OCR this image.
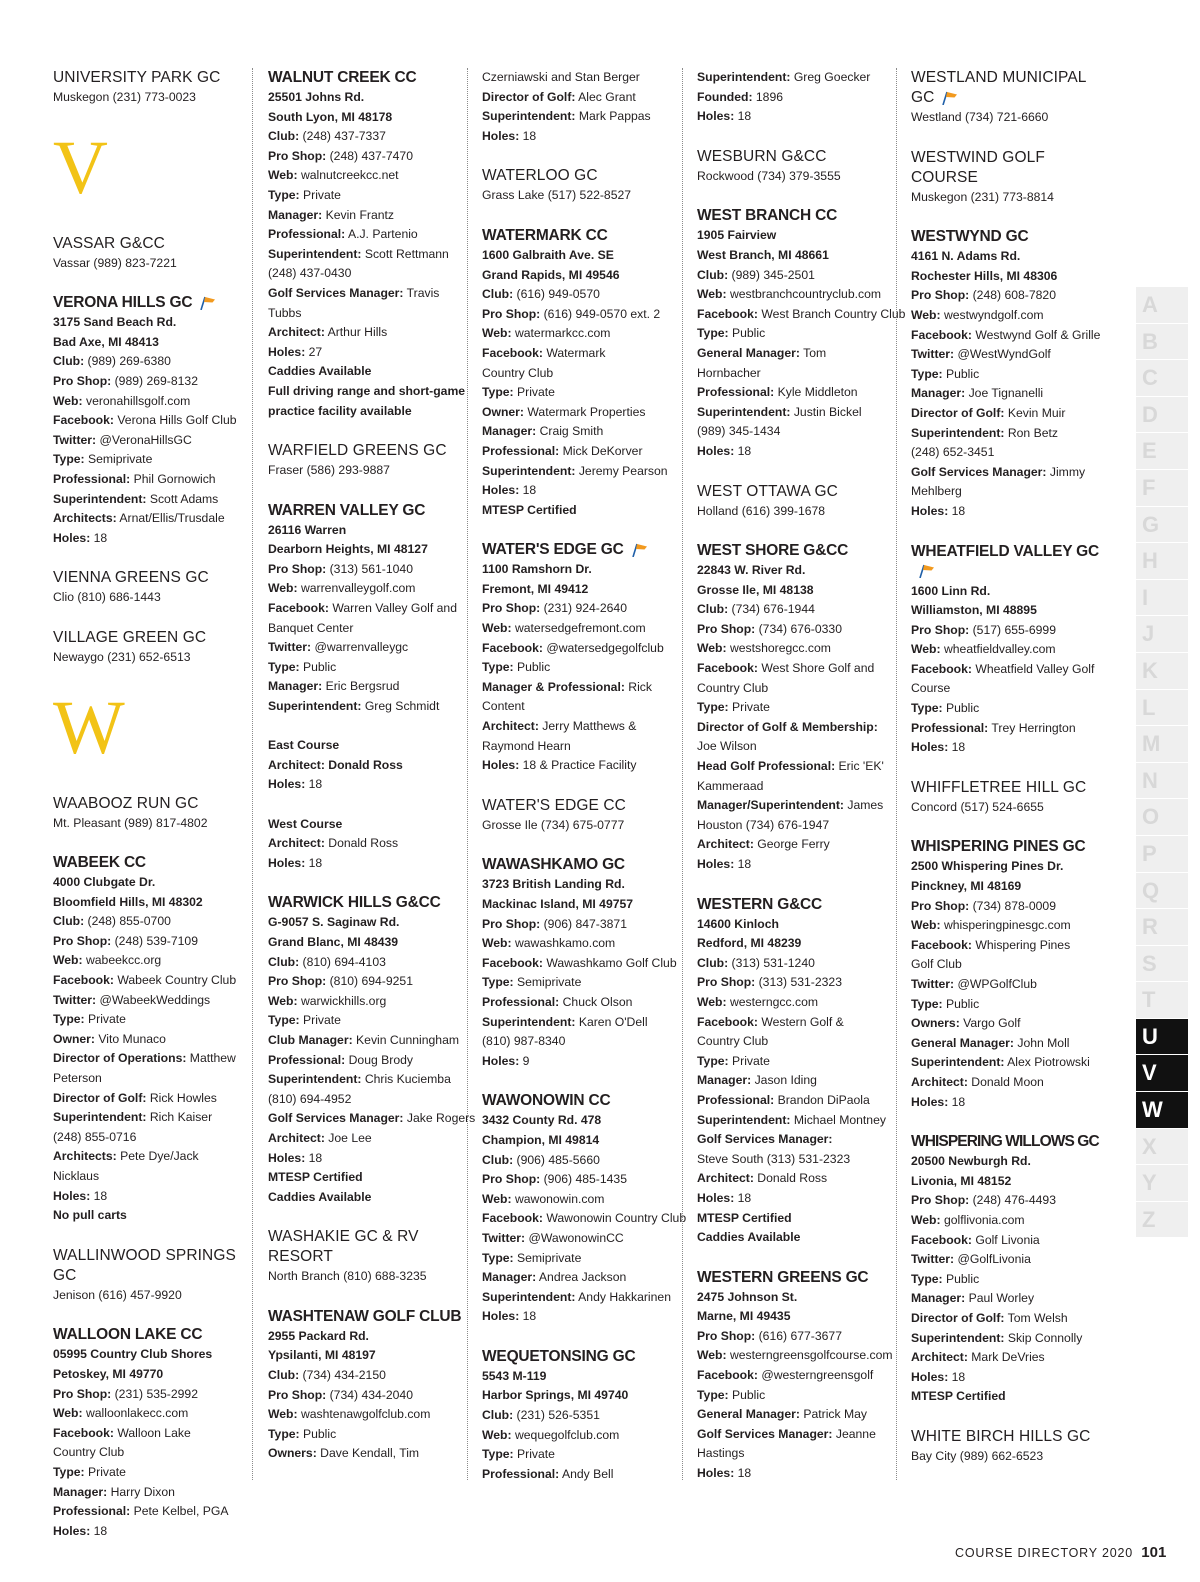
UNIVERSITY PARK GC
Muskegon (231) 773-0023
V
VASSAR G&CC
Vassar (989) 823-7221
VERONA HILLS GC
3175 Sand Beach Rd.
Bad Axe, MI 48413
Club: (989) 269-6380
Pro Shop: (989) 269-8132
Web: veronahillsgolf.com
Facebook: Verona Hills Golf Club
Twitter: @VeronaHillsGC
Type: Semiprivate
Professional: Phil Gornowich
Superintendent: Scott Adams
Architects: Arnat/Ellis/Trusdale
Holes: 18
VIENNA GREENS GC
Clio (810) 686-1443
VILLAGE GREEN GC
Newaygo (231) 652-6513
W
WAABOOZ RUN GC
Mt. Pleasant (989) 817-4802
WABEEK CC
4000 Clubgate Dr.
Bloomfield Hills, MI 48302
Club: (248) 855-0700
Pro Shop: (248) 539-7109
Web: wabeekcc.org
Facebook: Wabeek Country Club
Twitter: @WabeekWeddings
Type: Private
Owner: Vito Munaco
Director of Operations: Matthew
Peterson
Director of Golf: Rick Howles
Superintendent: Rich Kaiser
(248) 855-0716
Architects: Pete Dye/Jack
Nicklaus
Holes: 18
No pull carts
WALLINWOOD SPRINGS GC
Jenison (616) 457-9920
WALLOON LAKE CC
05995 Country Club Shores
Petoskey, MI 49770
Pro Shop: (231) 535-2992
Web: walloonlakecc.com
Facebook: Walloon Lake
Country Club
Type: Private
Manager: Harry Dixon
Professional: Pete Kelbel, PGA
Holes: 18
WALNUT CREEK CC
25501 Johns Rd.
South Lyon, MI 48178
Club: (248) 437-7337
Pro Shop: (248) 437-7470
Web: walnutcreekcc.net
Type: Private
Manager: Kevin Frantz
Professional: A.J. Partenio
Superintendent: Scott Rettmann
(248) 437-0430
Golf Services Manager: Travis
Tubbs
Architect: Arthur Hills
Holes: 27
Caddies Available
Full driving range and short-game
practice facility available
WARFIELD GREENS GC
Fraser (586) 293-9887
WARREN VALLEY GC
26116 Warren
Dearborn Heights, MI 48127
Pro Shop: (313) 561-1040
Web: warrenvalleygolf.com
Facebook: Warren Valley Golf and
Banquet Center
Twitter: @warrenvalleygc
Type: Public
Manager: Eric Bergsrud
Superintendent: Greg Schmidt
East Course
Architect: Donald Ross
Holes: 18
West Course
Architect: Donald Ross
Holes: 18
WARWICK HILLS G&CC
G-9057 S. Saginaw Rd.
Grand Blanc, MI 48439
Club: (810) 694-4103
Pro Shop: (810) 694-9251
Web: warwickhills.org
Type: Private
Club Manager: Kevin Cunningham
Professional: Doug Brody
Superintendent: Chris Kuciemba
(810) 694-4952
Golf Services Manager: Jake Rogers
Architect: Joe Lee
Holes: 18
MTESP Certified
Caddies Available
WASHAKIE GC & RV RESORT
North Branch (810) 688-3235
WASHTENAW GOLF CLUB
2955 Packard Rd.
Ypsilanti, MI 48197
Club: (734) 434-2150
Pro Shop: (734) 434-2040
Web: washtenawgolfclub.com
Type: Public
Owners: Dave Kendall, Tim
Czerniawski and Stan Berger
Director of Golf: Alec Grant
Superintendent: Mark Pappas
Holes: 18
WATERLOO GC
Grass Lake (517) 522-8527
WATERMARK CC
1600 Galbraith Ave. SE
Grand Rapids, MI 49546
Club: (616) 949-0570
Pro Shop: (616) 949-0570 ext. 2
Web: watermarkcc.com
Facebook: Watermark
Country Club
Type: Private
Owner: Watermark Properties
Manager: Craig Smith
Professional: Mick DeKorver
Superintendent: Jeremy Pearson
Holes: 18
MTESP Certified
WATER'S EDGE GC
1100 Ramshorn Dr.
Fremont, MI 49412
Pro Shop: (231) 924-2640
Web: watersedgefremont.com
Facebook: @watersedgegolfclub
Type: Public
Manager & Professional: Rick
Content
Architect: Jerry Matthews &
Raymond Hearn
Holes: 18 & Practice Facility
WATER'S EDGE CC
Grosse Ile (734) 675-0777
WAWASHKAMO GC
3723 British Landing Rd.
Mackinac Island, MI 49757
Pro Shop: (906) 847-3871
Web: wawashkamo.com
Facebook: Wawashkamo Golf Club
Type: Semiprivate
Professional: Chuck Olson
Superintendent: Karen O'Dell
(810) 987-8340
Holes: 9
WAWONOWIN CC
3432 County Rd. 478
Champion, MI 49814
Club: (906) 485-5660
Pro Shop: (906) 485-1435
Web: wawonowin.com
Facebook: Wawonowin Country Club
Twitter: @WawonowinCC
Type: Semiprivate
Manager: Andrea Jackson
Superintendent: Andy Hakkarinen
Holes: 18
WEQUETONSING GC
5543 M-119
Harbor Springs, MI 49740
Club: (231) 526-5351
Web: wequegolfclub.com
Type: Private
Professional: Andy Bell
Superintendent: Greg Goecker
Founded: 1896
Holes: 18
WESBURN G&CC
Rockwood (734) 379-3555
WEST BRANCH CC
1905 Fairview
West Branch, MI 48661
Club: (989) 345-2501
Web: westbranchcountryclub.com
Facebook: West Branch Country Club
Type: Public
General Manager: Tom
Hornbacher
Professional: Kyle Middleton
Superintendent: Justin Bickel
(989) 345-1434
Holes: 18
WEST OTTAWA GC
Holland (616) 399-1678
WEST SHORE G&CC
22843 W. River Rd.
Grosse Ile, MI 48138
Club: (734) 676-1944
Pro Shop: (734) 676-0330
Web: westshoregcc.com
Facebook: West Shore Golf and
Country Club
Type: Private
Director of Golf & Membership:
Joe Wilson
Head Golf Professional: Eric 'EK'
Kammeraad
Manager/Superintendent: James
Houston (734) 676-1947
Architect: George Ferry
Holes: 18
WESTERN G&CC
14600 Kinloch
Redford, MI 48239
Club: (313) 531-1240
Pro Shop: (313) 531-2323
Web: westerngcc.com
Facebook: Western Golf &
Country Club
Type: Private
Manager: Jason Iding
Professional: Brandon DiPaola
Superintendent: Michael Montney
Golf Services Manager:
Steve South (313) 531-2323
Architect: Donald Ross
Holes: 18
MTESP Certified
Caddies Available
WESTERN GREENS GC
2475 Johnson St.
Marne, MI 49435
Pro Shop: (616) 677-3677
Web: westerngreensgolfcourse.com
Facebook: @westerngreensgolf
Type: Public
General Manager: Patrick May
Golf Services Manager: Jeanne
Hastings
Holes: 18
WESTLAND MUNICIPAL GC
Westland (734) 721-6660
WESTWIND GOLF COURSE
Muskegon (231) 773-8814
WESTWYND GC
4161 N. Adams Rd.
Rochester Hills, MI 48306
Pro Shop: (248) 608-7820
Web: westwyndgolf.com
Facebook: Westwynd Golf & Grille
Twitter: @WestWyndGolf
Type: Public
Manager: Joe Tignanelli
Director of Golf: Kevin Muir
Superintendent: Ron Betz
(248) 652-3451
Golf Services Manager: Jimmy
Mehlberg
Holes: 18
WHEATFIELD VALLEY GC
1600 Linn Rd.
Williamston, MI 48895
Pro Shop: (517) 655-6999
Web: wheatfieldvalley.com
Facebook: Wheatfield Valley Golf
Course
Type: Public
Professional: Trey Herrington
Holes: 18
WHIFFLETREE HILL GC
Concord (517) 524-6655
WHISPERING PINES GC
2500 Whispering Pines Dr.
Pinckney, MI 48169
Pro Shop: (734) 878-0009
Web: whisperingpinesgc.com
Facebook: Whispering Pines
Golf Club
Twitter: @WPGolfClub
Type: Public
Owners: Vargo Golf
General Manager: John Moll
Superintendent: Alex Piotrowski
Architect: Donald Moon
Holes: 18
WHISPERING WILLOWS GC
20500 Newburgh Rd.
Livonia, MI 48152
Pro Shop: (248) 476-4493
Web: golflivonia.com
Facebook: Golf Livonia
Twitter: @GolfLivonia
Type: Public
Manager: Paul Worley
Director of Golf: Tom Welsh
Superintendent: Skip Connolly
Architect: Mark DeVries
Holes: 18
MTESP Certified
WHITE BIRCH HILLS GC
Bay City (989) 662-6523
A
B
C
D
E
F
G
H
I
J
K
L
M
N
O
P
Q
R
S
T
U
V
W
X
Y
Z
COURSE DIRECTORY 2020 101
